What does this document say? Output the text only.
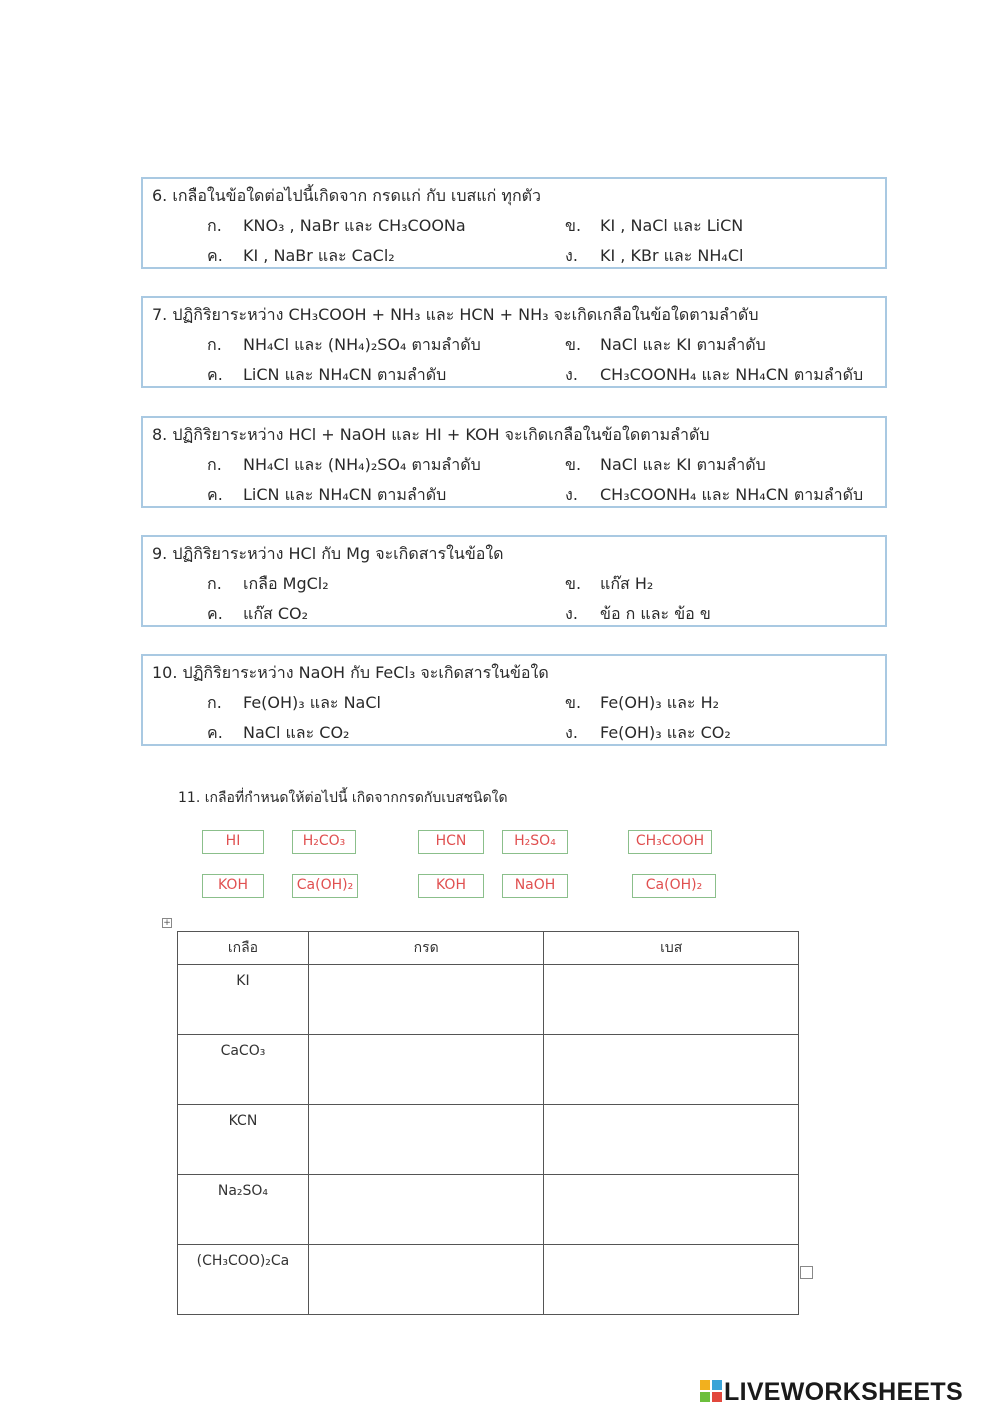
6. เกลือในข้อใดต่อไปนี้เกิดจาก กรดแก่ กับ เบสแก่ ทุกตัว
ก. KNO₃ , NaBr และ CH₃COONa	ข. KI , NaCl และ LiCN
ค. KI , NaBr และ CaCl₂	ง. KI , KBr และ NH₄Cl
7. ปฏิกิริยาระหว่าง CH₃COOH + NH₃ และ HCN + NH₃ จะเกิดเกลือในข้อใดตามลำดับ
ก. NH₄Cl และ (NH₄)₂SO₄ ตามลำดับ	ข. NaCl และ KI ตามลำดับ
ค. LiCN และ NH₄CN ตามลำดับ	ง. CH₃COONH₄ และ NH₄CN ตามลำดับ
8. ปฏิกิริยาระหว่าง HCl + NaOH และ HI + KOH จะเกิดเกลือในข้อใดตามลำดับ
ก. NH₄Cl และ (NH₄)₂SO₄ ตามลำดับ	ข. NaCl และ KI ตามลำดับ
ค. LiCN และ NH₄CN ตามลำดับ	ง. CH₃COONH₄ และ NH₄CN ตามลำดับ
9. ปฏิกิริยาระหว่าง HCl กับ Mg จะเกิดสารในข้อใด
ก. เกลือ MgCl₂	ข. แก๊ส H₂
ค. แก๊ส CO₂	ง. ข้อ ก และ ข้อ ข
10. ปฏิกิริยาระหว่าง NaOH กับ FeCl₃ จะเกิดสารในข้อใด
ก. Fe(OH)₃ และ NaCl	ข. Fe(OH)₃ และ H₂
ค. NaCl และ CO₂	ง. Fe(OH)₃ และ CO₂
11. เกลือที่กำหนดให้ต่อไปนี้ เกิดจากกรดกับเบสชนิดใด
HI	H₂CO₃	HCN	H₂SO₄	CH₃COOH
KOH	Ca(OH)₂	KOH	NaOH	Ca(OH)₂
+
เกลือ	กรด	เบส
KI		
CaCO₃		
KCN		
Na₂SO₄		
(CH₃COO)₂Ca		
LIVEWORKSHEETS
